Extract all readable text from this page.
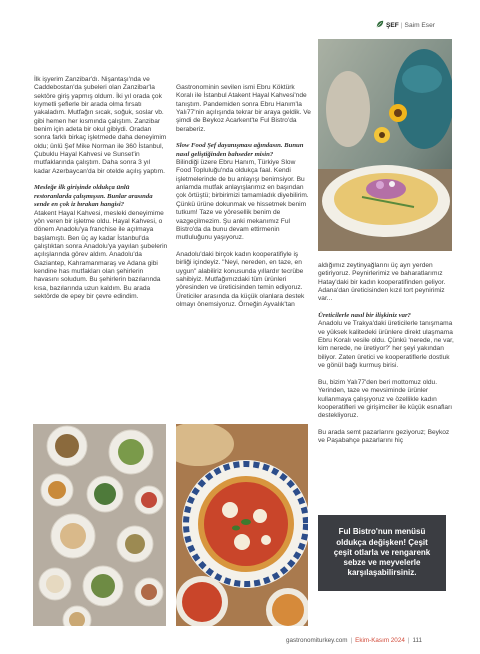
ŞEF | Saim Eser

İlk işyerim Zanzibar'dı. Nişantaşı'nda ve Caddebostan'da şubeleri olan Zanzibar'la sektöre giriş yapmış oldum. İki yıl orada çok kıymetli şeflerle bir arada olma fırsatı yakaladım. Mutfağın sıcak, soğuk, soslar vb. gibi hemen her kısmında çalıştım. Zanzibar benim için adeta bir okul gibiydi. Oradan sonra farklı birkaç işletmede daha deneyimim oldu; ünlü Şef Mike Norman ile 360 İstanbul, Çubuklu Hayal Kahvesi ve Sunset'in mutfaklarında çalıştım. Daha sonra 3 yıl kadar Azerbaycan'da bir otelde açılış yaptım.

Mesleğe ilk girişinde oldukça ünlü restoranlarda çalışmışsın. Bunlar arasında sende en çok iz bırakan hangisi?

Atakent Hayal Kahvesi, mesleki deneyimime yön veren bir işletme oldu. Hayal Kahvesi, o dönem Anadolu'ya franchise ile açılmaya başlamıştı. Ben üç ay kadar İstanbul'da çalıştıktan sonra Anadolu'ya yayılan şubelerin açılışlarında görev aldım. Anadolu'da Gaziantep, Kahramanmaraş ve Adana gibi kendine has mutfakları olan şehirlerin havasını soludum. Bu şehirlerin bazılarında kısa, bazılarında uzun kaldım. Bu arada sektörde de epey bir çevre edindim.

Gastronominin sevilen ismi Ebru Köktürk Koralı ile İstanbul Atakent Hayal Kahvesi'nde tanıştım. Pandemiden sonra Ebru Hanım'la Yalı77'nin açılışında tekrar bir araya geldik. Ve şimdi de Beykoz Acarkent'te Ful Bistro'da beraberiz.

Slow Food Şef dayanışması ağındasın. Bunun nasıl geliştiğinden bahseder misin?

Bilindiği üzere Ebru Hanım, Türkiye Slow Food Topluluğu'nda oldukça faal. Kendi işletmelerinde de bu anlayışı benimsiyor. Bu anlamda mutfak anlayışlarımız en başından çok örtüştü; birbirimizi tamamladık diyebilirim. Çünkü ürüne dokunmak ve hissetmek benim tutkum! Taze ve yöresellik benim de vazgeçilmezim. Şu anki mekanımız Ful Bistro'da da bunu devam ettirmenin mutluluğunu yaşıyoruz.

Anadolu'daki birçok kadın kooperatifiyle iş birliği içindeyiz. "Neyi, nereden, en taze, en uygun" alabiliriz konusunda yıllardır tecrübe sahibiyiz. Mutfağımızdaki tüm ürünleri yöresinden ve üreticisinden temin ediyoruz. Üreticiler arasında da küçük olanlara destek olmayı önemsiyoruz. Örneğin Ayvalık'tan

aldığımız zeytinyağlarını üç ayrı yerden getiriyoruz. Peynirlerimiz ve baharatlarımız Hatay'daki bir kadın kooperatifinden geliyor. Adana'dan üreticisinden kızıl tort peynirimiz var...

Üreticilerle nasıl bir ilişkiniz var?

Anadolu ve Trakya'daki üreticilerle tanışmama ve yüksek kalitedeki ürünlere direkt ulaşmama Ebru Koralı vesile oldu. Çünkü 'nerede, ne var, kim nerede, ne üretiyor?' her şeyi yakından biliyor. Zaten üretici ve kooperatiflerle dostluk ve gönül bağı kurmuş birisi.

Bu, bizim Yalı77'den beri mottomuz oldu. Yerinden, taze ve mevsiminde ürünler kullanmaya çalışıyoruz ve özellikle kadın kooperatifleri ve girişimciler ile küçük esnafları destekliyoruz.

Bu arada semt pazarlarını geziyoruz; Beykoz ve Paşabahçe pazarlarını hiç

Ful Bistro'nun menüsü oldukça değişken! Çeşit çeşit otlarla ve rengarenk sebze ve meyvelerle karşılaşabilirsiniz.
gastronomiturkey.com | Ekim-Kasım 2024 | 111
